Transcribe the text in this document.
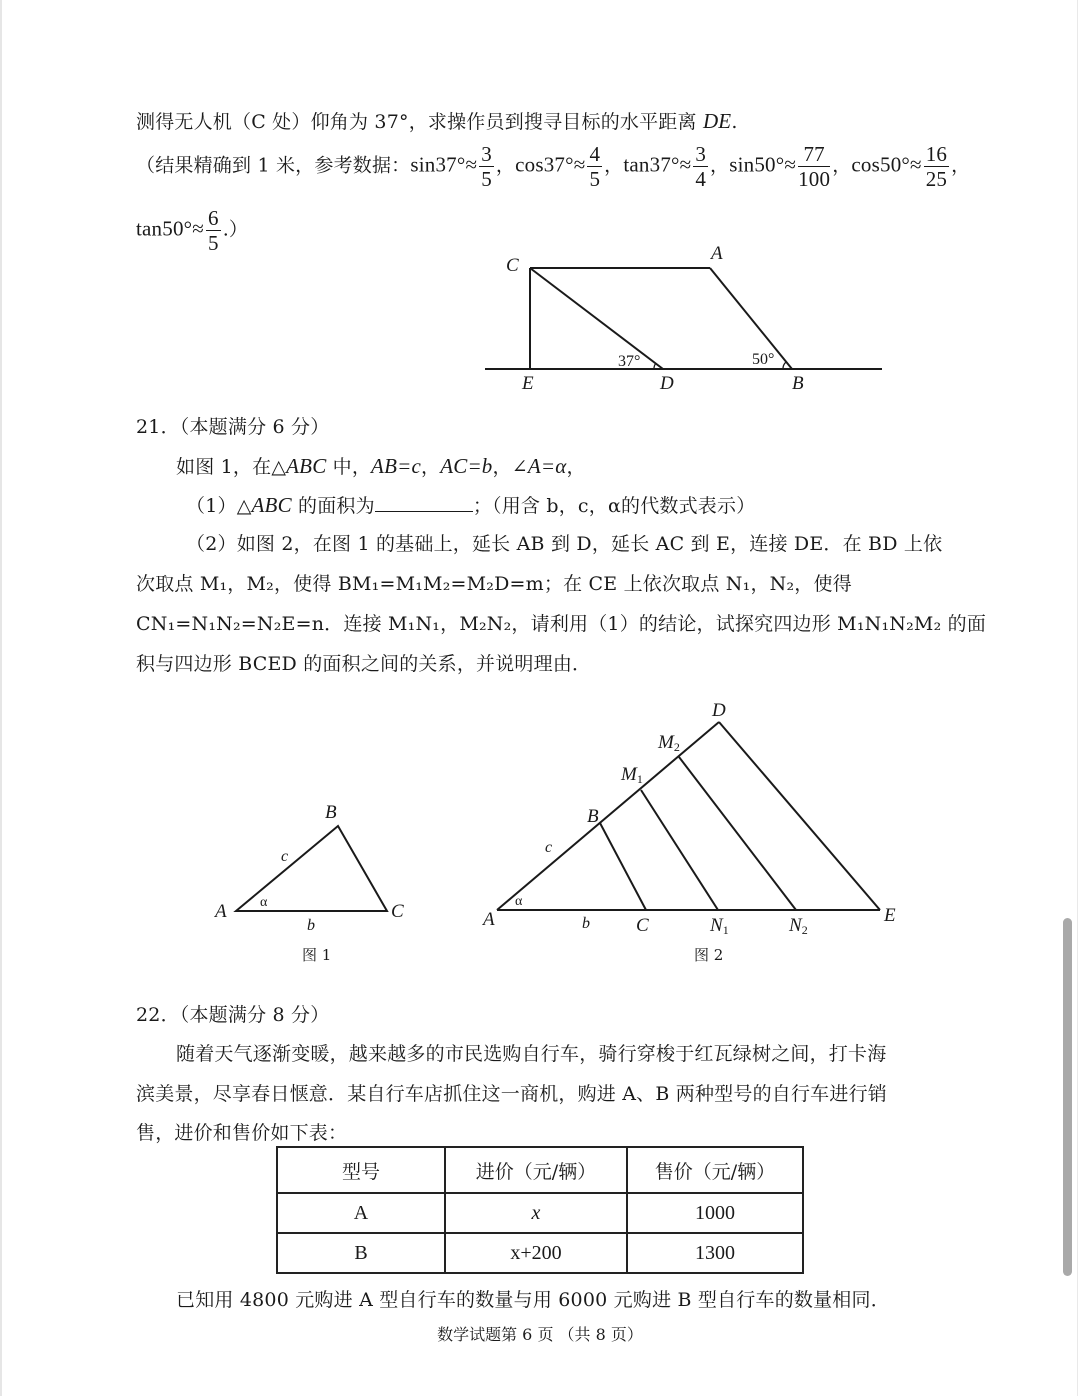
测得无人机（C 处）仰角为 37°，求操作员到搜寻目标的水平距离 DE.
（结果精确到 1 米，参考数据：$\sin 37^\circ\approx \frac{3}{5}$ ，$\cos 37^\circ\approx \frac{4}{5}$ ，$\tan 37^\circ\approx \frac{3}{4}$ ，$\sin 50^\circ\approx \frac{77}{100}$ ，$\cos 50^\circ\approx \frac{16}{25}$ ，
$\tan 50^\circ\approx \frac{6}{5}$ .）
C
A
E	D	B
37°	50°
A
B
C
c
b
α
图 1
A
B
C
D
E
M1
M2
N1	N2
c
b
α
图 2
21．（本题满分 6 分）
如图 1，在△ABC 中，AB=c，AC=b，∠A=α，
（1）△ABC 的面积为	；（用含 b，c，α的代数式表示）
（2）如图 2，在图 1 的基础上，延长 AB 到 D，延长 AC 到 E，连接 DE．在 BD 上依
次取点 M₁，M₂，使得 BM₁=M₁M₂=M₂D=m；在 CE 上依次取点 N₁，N₂，使得
CN₁=N₁N₂=N₂E=n．连接 M₁N₁，M₂N₂，请利用（1）的结论，试探究四边形 M₁N₁N₂M₂ 的面
积与四边形 BCED 的面积之间的关系，并说明理由．
22．（本题满分 8 分）
随着天气逐渐变暖，越来越多的市民选购自行车，骑行穿梭于红瓦绿树之间，打卡海
滨美景，尽享春日惬意．某自行车店抓住这一商机，购进 A、B 两种型号的自行车进行销
售，进价和售价如下表：
型号	进价（元/辆）	售价（元/辆）
A	x	1000
B	x+200	1300
已知用 4800 元购进 A 型自行车的数量与用 6000 元购进 B 型自行车的数量相同．
数学试题第 6 页 （共 8 页）
